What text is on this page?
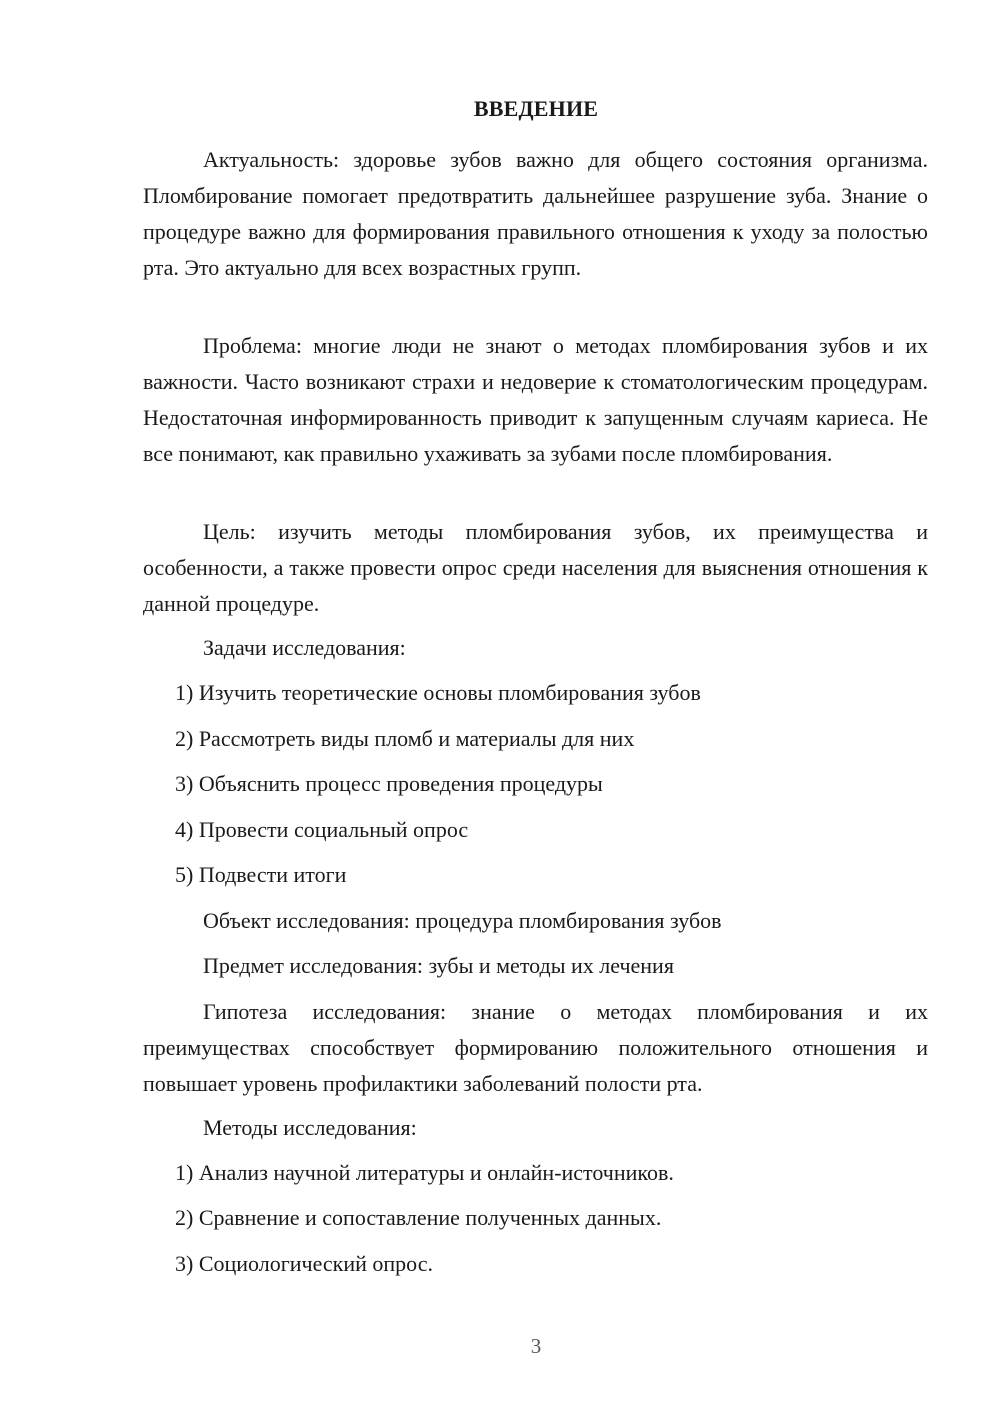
ВВЕДЕНИЕ
Актуальность: здоровье зубов важно для общего состояния организма. Пломбирование помогает предотвратить дальнейшее разрушение зуба. Знание о процедуре важно для формирования правильного отношения к уходу за полостью рта. Это актуально для всех возрастных групп.
Проблема: многие люди не знают о методах пломбирования зубов и их важности. Часто возникают страхи и недоверие к стоматологическим процедурам. Недостаточная информированность приводит к запущенным случаям кариеса. Не все понимают, как правильно ухаживать за зубами после пломбирования.
Цель: изучить методы пломбирования зубов, их преимущества и особенности, а также провести опрос среди населения для выяснения отношения к данной процедуре.
Задачи исследования:
1) Изучить теоретические основы пломбирования зубов
2) Рассмотреть виды пломб и материалы для них
3) Объяснить процесс проведения процедуры
4) Провести социальный опрос
5) Подвести итоги
Объект исследования: процедура пломбирования зубов
Предмет исследования: зубы и методы их лечения
Гипотеза исследования: знание о методах пломбирования и их преимуществах способствует формированию положительного отношения и повышает уровень профилактики заболеваний полости рта.
Методы исследования:
1) Анализ научной литературы и онлайн-источников.
2) Сравнение и сопоставление полученных данных.
3) Социологический опрос.
3
